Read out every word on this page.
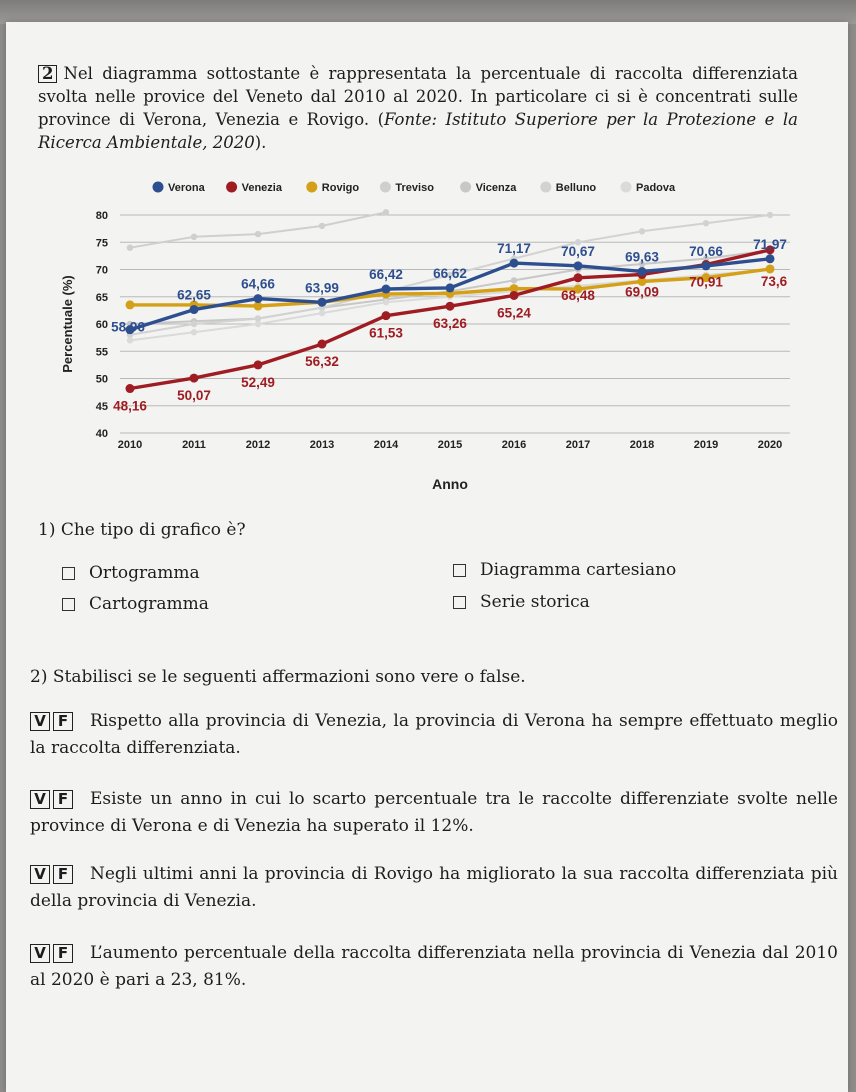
2 Nel diagramma sottostante è rappresentata la percentuale di raccolta differenziata svolta nelle provice del Veneto dal 2010 al 2020. In particolare ci si è concentrati sulle province di Verona, Venezia e Rovigo. (Fonte: Istituto Superiore per la Protezione e la Ricerca Ambientale, 2020).
40
45
50
55
60
65
70
75
80
2010	2011	2012	2013	2014	2015	2016	2017	2018	2019	2020
Anno
Percentuale (%)
Verona	Venezia	Rovigo	Treviso	Vicenza	Belluno	Padova
58,96
62,65
64,66 63,99
66,42 66,62
71,17 70,67 69,63 70,66 71,97
48,16
50,07
52,49
56,32
61,53
63,26
65,24
68,48 69,09
70,91	73,6
1) Che tipo di grafico è?
Ortogramma	Diagramma cartesiano
Cartogramma	Serie storica
2) Stabilisci se le seguenti affermazioni sono vere o false.
V F Rispetto alla provincia di Venezia, la provincia di Verona ha sempre effettuato meglio la raccolta differenziata.
V F Esiste un anno in cui lo scarto percentuale tra le raccolte differenziate svolte nelle province di Verona e di Venezia ha superato il 12%.
V F Negli ultimi anni la provincia di Rovigo ha migliorato la sua raccolta differenziata più della provincia di Venezia.
V F L’aumento percentuale della raccolta differenziata nella provincia di Venezia dal 2010 al 2020 è pari a 23, 81%.
